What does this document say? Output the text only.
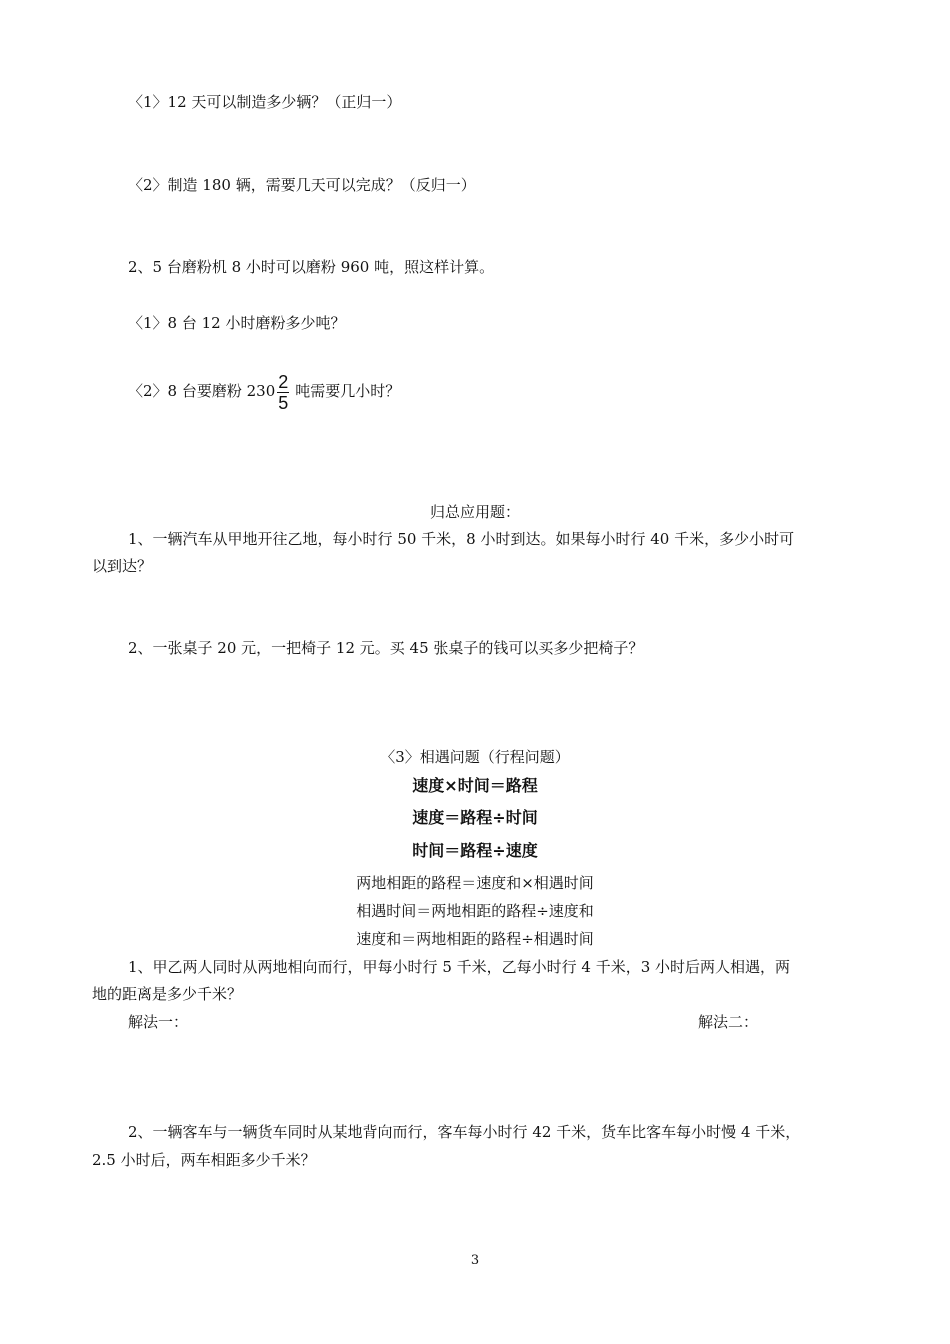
〈1〉12 天可以制造多少辆？（正归一）
〈2〉制造 180 辆，需要几天可以完成？（反归一）
2、5 台磨粉机 8 小时可以磨粉 960 吨，照这样计算。
〈1〉8 台 12 小时磨粉多少吨？
〈2〉8 台要磨粉 $230 \frac{2}{5}$ 吨需要几小时？
归总应用题：
1、一辆汽车从甲地开往乙地，每小时行 50 千米，8 小时到达。如果每小时行 40 千米，多少小时可
以到达？
2、一张桌子 20 元，一把椅子 12 元。买 45 张桌子的钱可以买多少把椅子？
〈3〉相遇问题（行程问题）
速度×时间＝路程
速度＝路程÷时间
时间＝路程÷速度
两地相距的路程＝速度和×相遇时间
相遇时间＝两地相距的路程÷速度和
速度和＝两地相距的路程÷相遇时间
1、甲乙两人同时从两地相向而行，甲每小时行 5 千米，乙每小时行 4 千米，3 小时后两人相遇，两
地的距离是多少千米？
解法一：	解法二：
2、一辆客车与一辆货车同时从某地背向而行，客车每小时行 42 千米，货车比客车每小时慢 4 千米，
2.5 小时后，两车相距多少千米？
3
